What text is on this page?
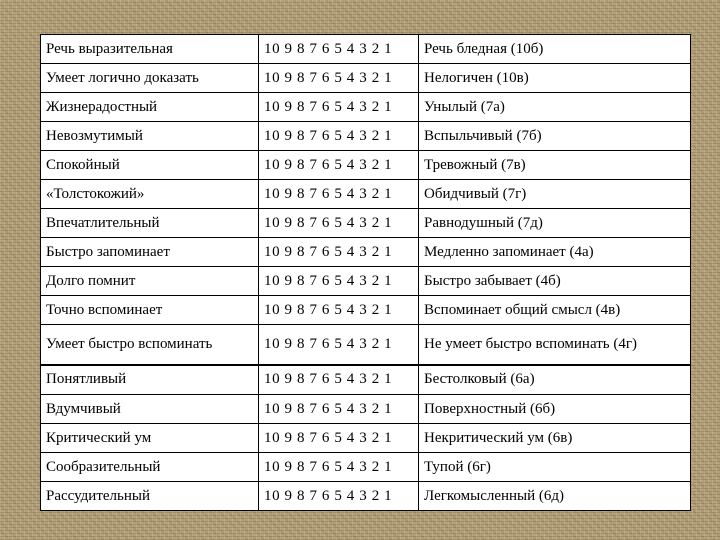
Речь выразительная	10 9 8 7 6 5 4 3 2 1	Речь бледная (10б)
Умеет логично доказать	10 9 8 7 6 5 4 3 2 1	Нелогичен (10в)
Жизнерадостный	10 9 8 7 6 5 4 3 2 1	Унылый (7а)
Невозмутимый	10 9 8 7 6 5 4 3 2 1	Вспыльчивый (7б)
Спокойный	10 9 8 7 6 5 4 3 2 1	Тревожный (7в)
«Толстокожий»	10 9 8 7 6 5 4 3 2 1	Обидчивый (7г)
Впечатлительный	10 9 8 7 6 5 4 3 2 1	Равнодушный (7д)
Быстро запоминает	10 9 8 7 6 5 4 3 2 1	Медленно запоминает (4а)
Долго помнит	10 9 8 7 6 5 4 3 2 1	Быстро забывает (4б)
Точно вспоминает	10 9 8 7 6 5 4 3 2 1	Вспоминает общий смысл (4в)
Умеет быстро вспоминать	10 9 8 7 6 5 4 3 2 1	Не умеет быстро вспоминать (4г)
Понятливый	10 9 8 7 6 5 4 3 2 1	Бестолковый (6а)
Вдумчивый	10 9 8 7 6 5 4 3 2 1	Поверхностный (6б)
Критический ум	10 9 8 7 6 5 4 3 2 1	Некритический ум (6в)
Сообразительный	10 9 8 7 6 5 4 3 2 1	Тупой (6г)
Рассудительный	10 9 8 7 6 5 4 3 2 1	Легкомысленный (6д)
